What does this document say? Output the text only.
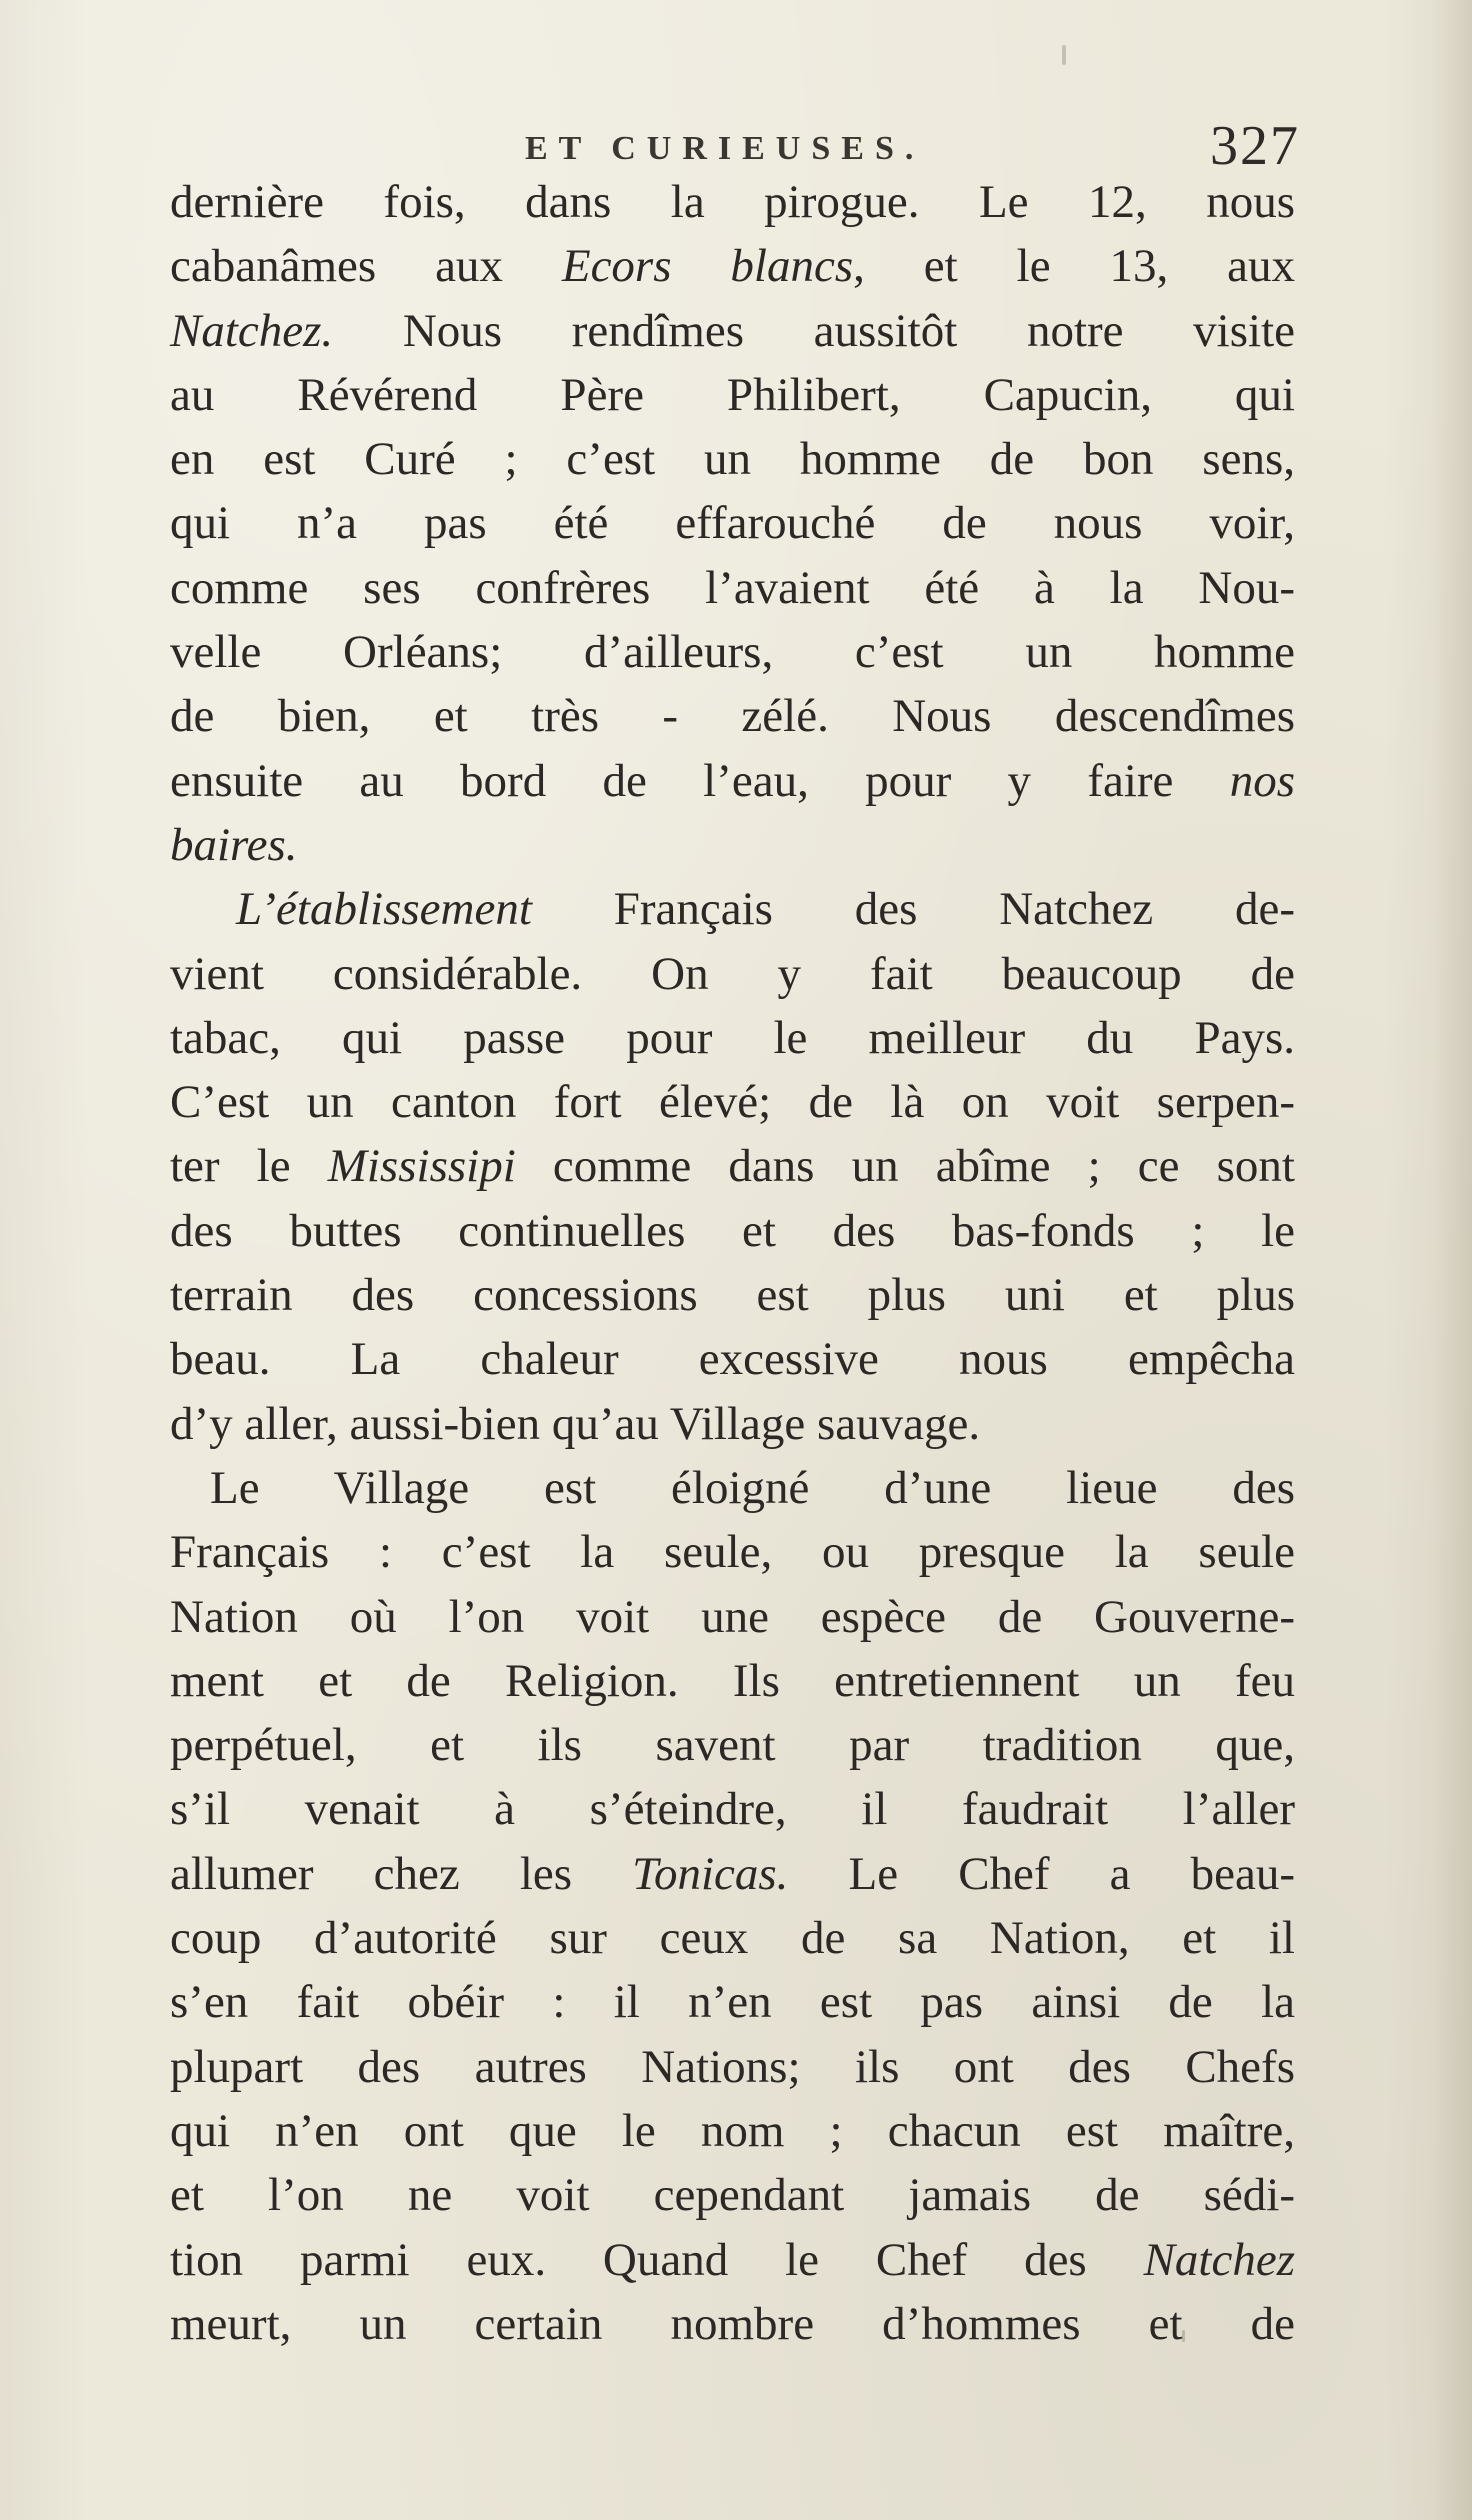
ET CURIEUSES.	327
dernière fois, dans la pirogue. Le 12, nous
cabanâmes aux Ecors blancs, et le 13, aux
Natchez. Nous rendîmes aussitôt notre visite
au Révérend Père Philibert, Capucin, qui
en est Curé ; c’est un homme de bon sens,
qui n’a pas été effarouché de nous voir,
comme ses confrères l’avaient été à la Nou-
velle Orléans; d’ailleurs, c’est un homme
de bien, et très - zélé. Nous descendîmes
ensuite au bord de l’eau, pour y faire nos
baires.
L’établissement Français des Natchez de-
vient considérable. On y fait beaucoup de
tabac, qui passe pour le meilleur du Pays.
C’est un canton fort élevé; de là on voit serpen-
ter le Mississipi comme dans un abîme ; ce sont
des buttes continuelles et des bas-fonds ; le
terrain des concessions est plus uni et plus
beau. La chaleur excessive nous empêcha
d’y aller, aussi-bien qu’au Village sauvage.
Le Village est éloigné d’une lieue des
Français : c’est la seule, ou presque la seule
Nation où l’on voit une espèce de Gouverne-
ment et de Religion. Ils entretiennent un feu
perpétuel, et ils savent par tradition que,
s’il venait à s’éteindre, il faudrait l’aller
allumer chez les Tonicas. Le Chef a beau-
coup d’autorité sur ceux de sa Nation, et il
s’en fait obéir : il n’en est pas ainsi de la
plupart des autres Nations; ils ont des Chefs
qui n’en ont que le nom ; chacun est maître,
et l’on ne voit cependant jamais de sédi-
tion parmi eux. Quand le Chef des Natchez
meurt, un certain nombre d’hommes et de
